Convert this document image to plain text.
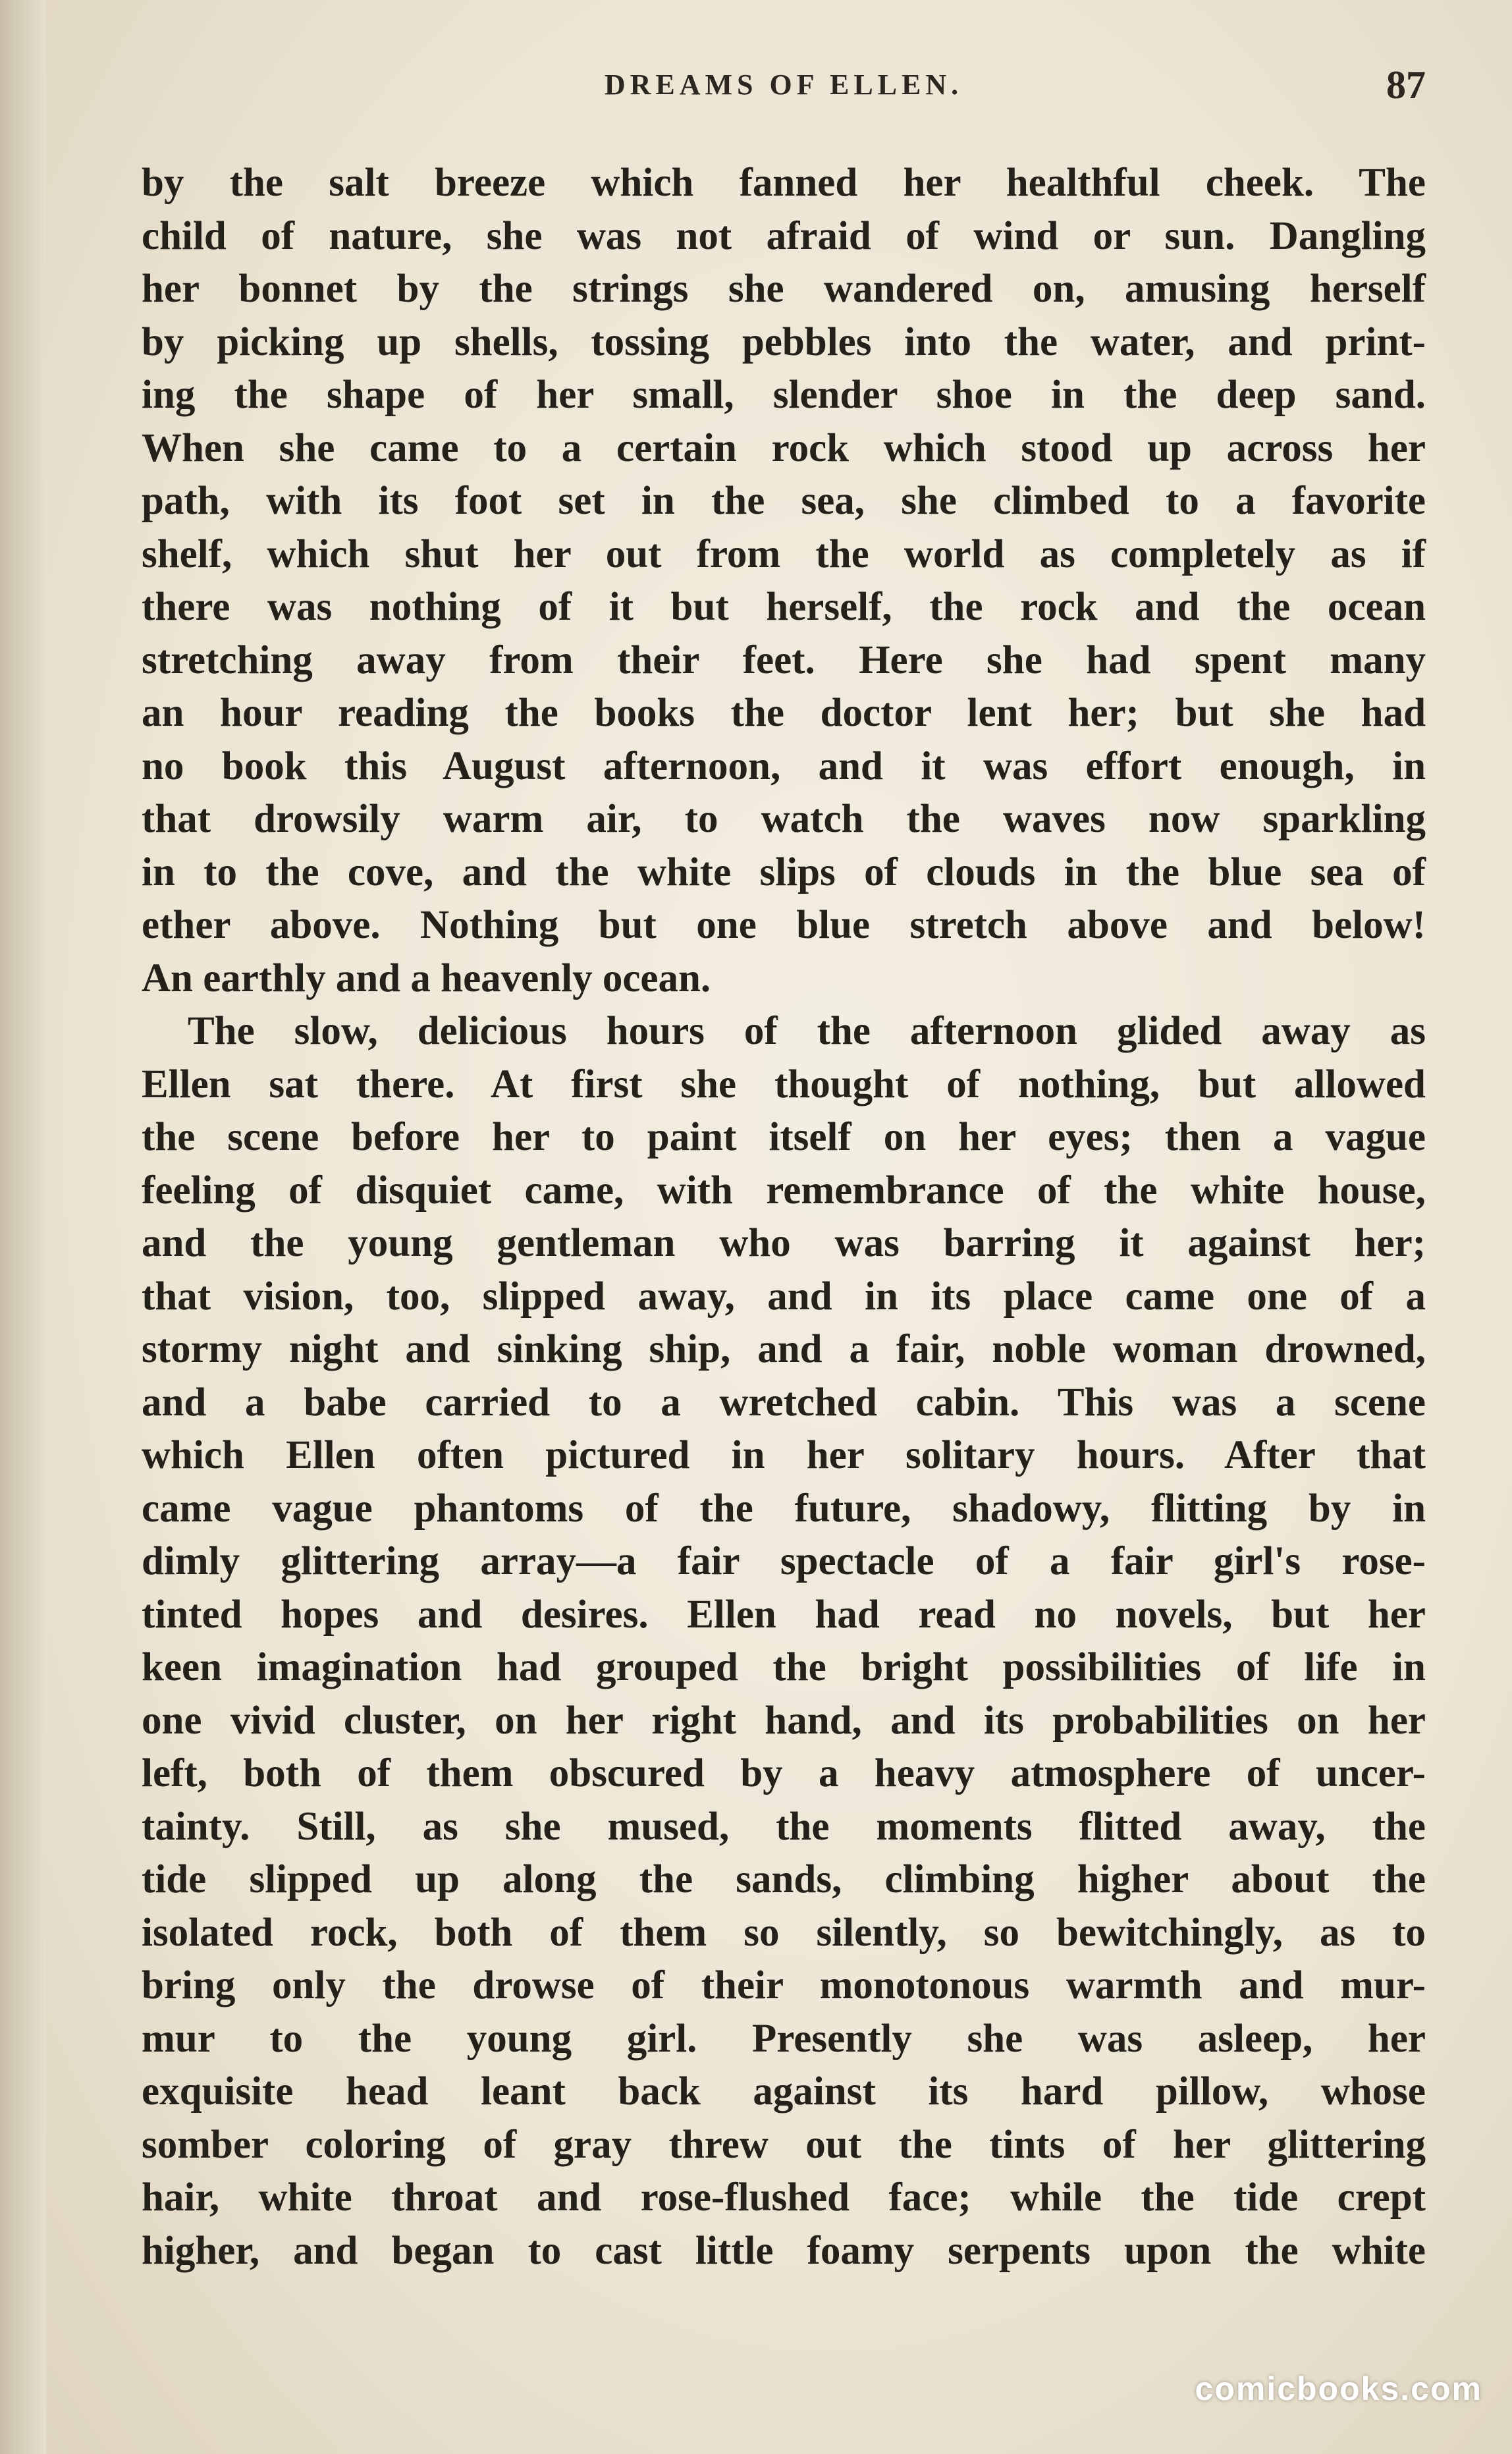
DREAMS OF ELLEN.	87
by the salt breeze which fanned her healthful cheek. The
child of nature, she was not afraid of wind or sun. Dangling
her bonnet by the strings she wandered on, amusing herself
by picking up shells, tossing pebbles into the water, and print-
ing the shape of her small, slender shoe in the deep sand.
When she came to a certain rock which stood up across her
path, with its foot set in the sea, she climbed to a favorite
shelf, which shut her out from the world as completely as if
there was nothing of it but herself, the rock and the ocean
stretching away from their feet. Here she had spent many
an hour reading the books the doctor lent her; but she had
no book this August afternoon, and it was effort enough, in
that drowsily warm air, to watch the waves now sparkling
in to the cove, and the white slips of clouds in the blue sea of
ether above. Nothing but one blue stretch above and below!
An earthly and a heavenly ocean.
The slow, delicious hours of the afternoon glided away as
Ellen sat there. At first she thought of nothing, but allowed
the scene before her to paint itself on her eyes; then a vague
feeling of disquiet came, with remembrance of the white house,
and the young gentleman who was barring it against her;
that vision, too, slipped away, and in its place came one of a
stormy night and sinking ship, and a fair, noble woman drowned,
and a babe carried to a wretched cabin. This was a scene
which Ellen often pictured in her solitary hours. After that
came vague phantoms of the future, shadowy, flitting by in
dimly glittering array—a fair spectacle of a fair girl's rose-
tinted hopes and desires. Ellen had read no novels, but her
keen imagination had grouped the bright possibilities of life in
one vivid cluster, on her right hand, and its probabilities on her
left, both of them obscured by a heavy atmosphere of uncer-
tainty. Still, as she mused, the moments flitted away, the
tide slipped up along the sands, climbing higher about the
isolated rock, both of them so silently, so bewitchingly, as to
bring only the drowse of their monotonous warmth and mur-
mur to the young girl. Presently she was asleep, her
exquisite head leant back against its hard pillow, whose
somber coloring of gray threw out the tints of her glittering
hair, white throat and rose-flushed face; while the tide crept
higher, and began to cast little foamy serpents upon the white
comicbooks.com
